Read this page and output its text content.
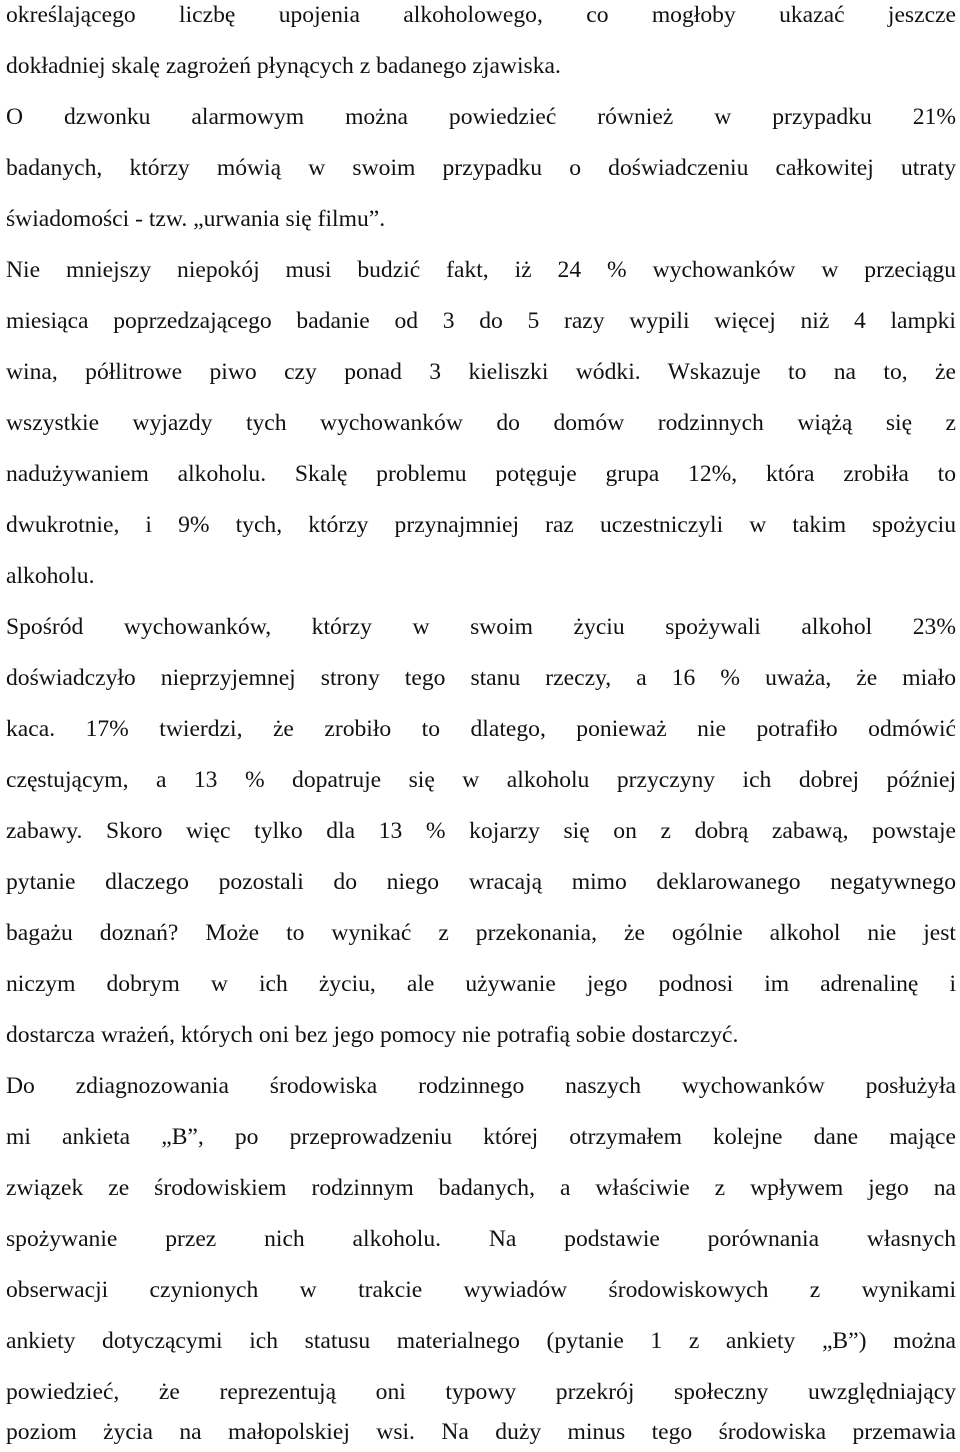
określającego liczbę upojenia alkoholowego, co mogłoby ukazać jeszcze
dokładniej skalę zagrożeń płynących z badanego zjawiska.
O dzwonku alarmowym można powiedzieć również w przypadku 21%
badanych, którzy mówią w swoim przypadku o doświadczeniu całkowitej utraty
świadomości - tzw. „urwania się filmu”.
Nie mniejszy niepokój musi budzić fakt, iż 24 % wychowanków w przeciągu
miesiąca poprzedzającego badanie od 3 do 5 razy wypili więcej niż 4 lampki
wina, półlitrowe piwo czy ponad 3 kieliszki wódki. Wskazuje to na to, że
wszystkie wyjazdy tych wychowanków do domów rodzinnych wiążą się z
nadużywaniem alkoholu. Skalę problemu potęguje grupa 12%, która zrobiła to
dwukrotnie, i 9% tych, którzy przynajmniej raz uczestniczyli w takim spożyciu
alkoholu.
Spośród wychowanków, którzy w swoim życiu spożywali alkohol 23%
doświadczyło nieprzyjemnej strony tego stanu rzeczy, a 16 % uważa, że miało
kaca. 17% twierdzi, że zrobiło to dlatego, ponieważ nie potrafiło odmówić
częstującym, a 13 % dopatruje się w alkoholu przyczyny ich dobrej później
zabawy. Skoro więc tylko dla 13 % kojarzy się on z dobrą zabawą, powstaje
pytanie dlaczego pozostali do niego wracają mimo deklarowanego negatywnego
bagażu doznań? Może to wynikać z przekonania, że ogólnie alkohol nie jest
niczym dobrym w ich życiu, ale używanie jego podnosi im adrenalinę i
dostarcza wrażeń, których oni bez jego pomocy nie potrafią sobie dostarczyć.
Do zdiagnozowania środowiska rodzinnego naszych wychowanków posłużyła
mi ankieta „B”, po przeprowadzeniu której otrzymałem kolejne dane mające
związek ze środowiskiem rodzinnym badanych, a właściwie z wpływem jego na
spożywanie przez nich alkoholu. Na podstawie porównania własnych
obserwacji czynionych w trakcie wywiadów środowiskowych z wynikami
ankiety dotyczącymi ich statusu materialnego (pytanie 1 z ankiety „B”) można
powiedzieć, że reprezentują oni typowy przekrój społeczny uwzględniający
poziom życia na małopolskiej wsi. Na duży minus tego środowiska przemawia
